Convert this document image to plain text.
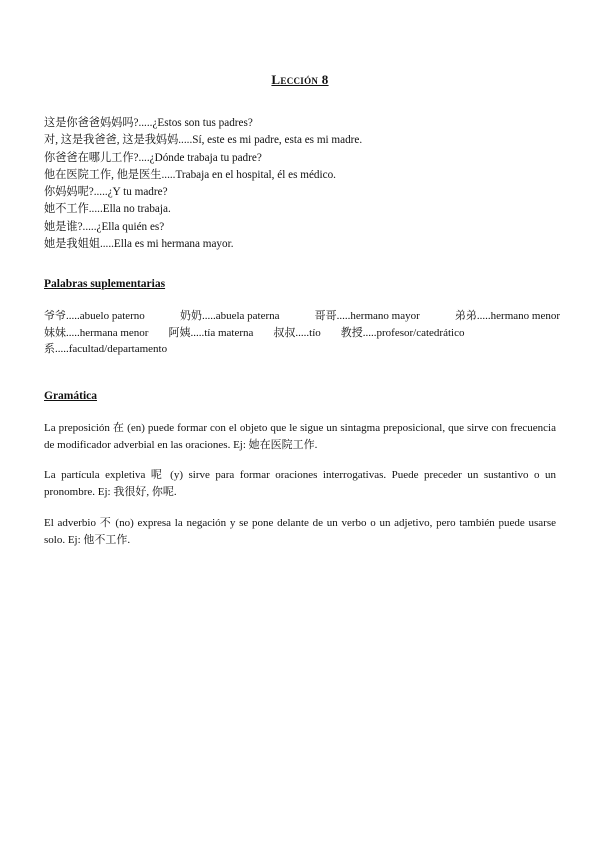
Lección 8
这是你爸爸妈妈吗?.....¿Estos son tus padres?
对, 这是我爸爸, 这是我妈妈.....Sí, este es mi padre, esta es mi madre.
你爸爸在哪儿工作?....¿Dónde trabaja tu padre?
他在医院工作, 他是医生.....Trabaja en el hospital, él es médico.
你妈妈呢?.....¿Y tu madre?
她不工作.....Ella no trabaja.
她是谁?.....¿Ella quién es?
她是我姐姐.....Ella es mi hermana mayor.
Palabras suplementarias
爷爷.....abuelo paterno	奶奶.....abuela paterna	哥哥.....hermano mayor	弟弟.....hermano menor
妹妹.....hermana menor 阿姨.....tía materna 叔叔.....tío 教授.....profesor/catedrático
系.....facultad/departamento
Gramática
La preposición 在 (en) puede formar con el objeto que le sigue un sintagma preposicional, que sirve con frecuencia de modificador adverbial en las oraciones. Ej: 她在医院工作.
La partícula expletiva 呢 (y) sirve para formar oraciones interrogativas. Puede preceder un sustantivo o un pronombre. Ej: 我很好, 你呢.
El adverbio 不 (no) expresa la negación y se pone delante de un verbo o un adjetivo, pero también puede usarse solo. Ej: 他不工作.
